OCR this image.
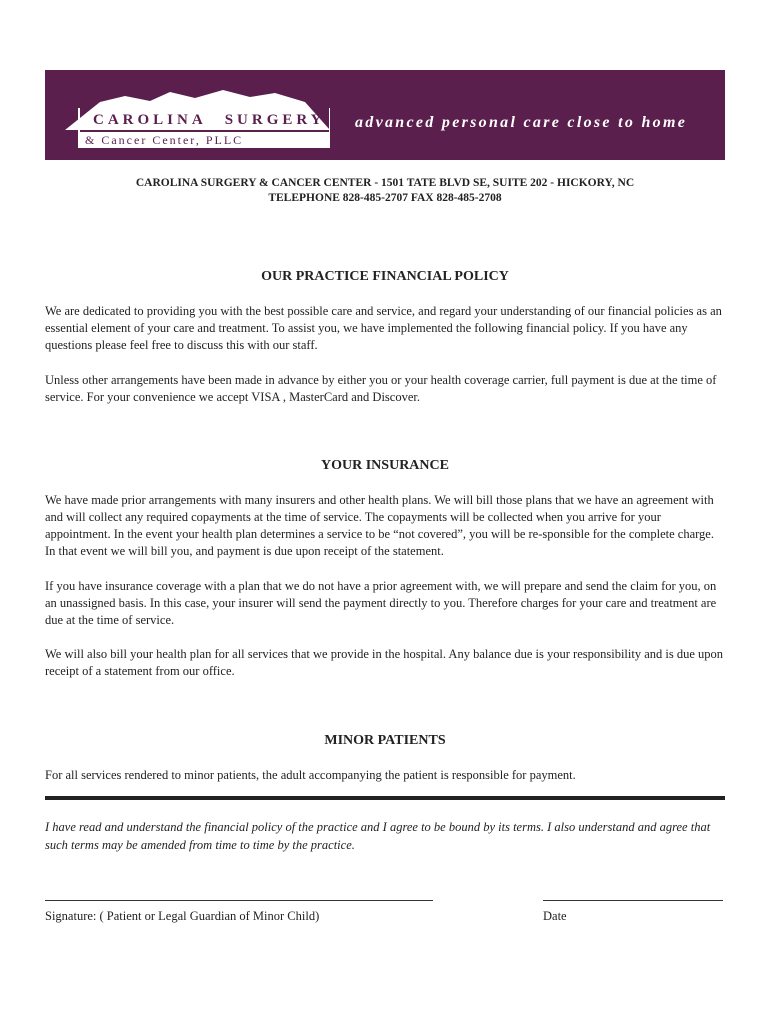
CAROLINA SURGERY
& Cancer Center, PLLC
advanced personal care close to home
CAROLINA SURGERY & CANCER CENTER - 1501 TATE BLVD SE, SUITE 202 - HICKORY, NC
TELEPHONE 828-485-2707 FAX 828-485-2708
OUR PRACTICE FINANCIAL POLICY
We are dedicated to providing you with the best possible care and service, and regard your understanding of our financial policies as an essential element of your care and treatment. To assist you, we have implemented the following financial policy. If you have any questions please feel free to discuss this with our staff.
Unless other arrangements have been made in advance by either you or your health coverage carrier, full payment is due at the time of service. For your convenience we accept VISA , MasterCard and Discover.
YOUR INSURANCE
We have made prior arrangements with many insurers and other health plans. We will bill those plans that we have an agreement with and will collect any required copayments at the time of service. The copayments will be collected when you arrive for your appointment. In the event your health plan determines a service to be “not covered”, you will be re-sponsible for the complete charge. In that event we will bill you, and payment is due upon receipt of the statement.
If you have insurance coverage with a plan that we do not have a prior agreement with, we will prepare and send the claim for you, on an unassigned basis. In this case, your insurer will send the payment directly to you. Therefore charges for your care and treatment are due at the time of service.
We will also bill your health plan for all services that we provide in the hospital. Any balance due is your responsibility and is due upon receipt of a statement from our office.
MINOR PATIENTS
For all services rendered to minor patients, the adult accompanying the patient is responsible for payment.
I have read and understand the financial policy of the practice and I agree to be bound by its terms. I also understand and agree that such terms may be amended from time to time by the practice.
Signature: ( Patient or Legal Guardian of Minor Child)	Date
